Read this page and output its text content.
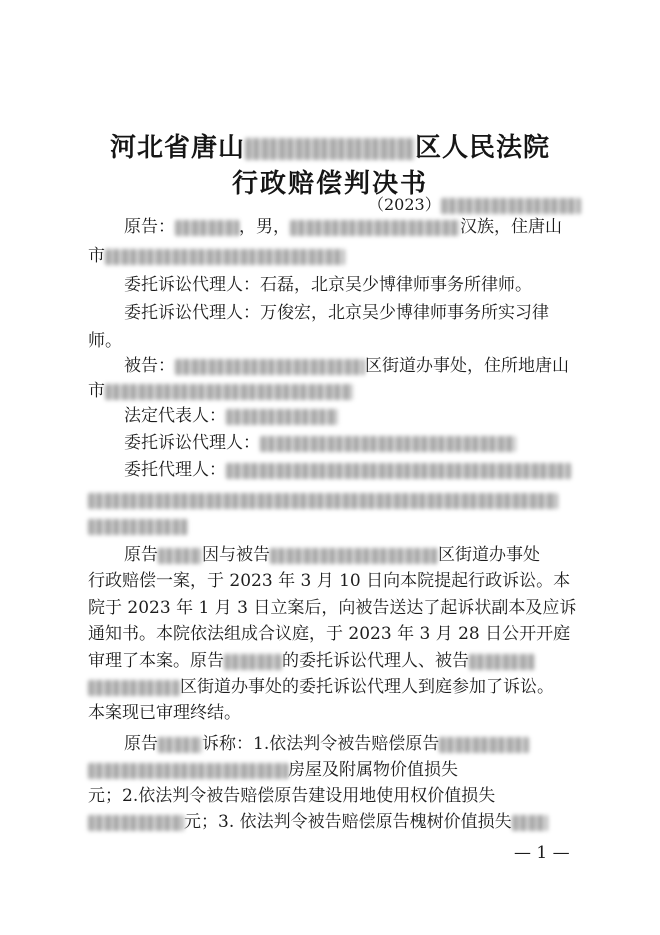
河北省唐山	区人民法院
行政赔偿判决书
（2023）
原告：	，男，	汉族，住唐山
市
委托诉讼代理人：石磊，北京吴少博律师事务所律师。
委托诉讼代理人：万俊宏，北京吴少博律师事务所实习律
师。
被告：	区街道办事处，住所地唐山
市
法定代表人：
委托诉讼代理人：
委托代理人：
原告	因与被告	区街道办事处
行政赔偿一案，于 2023 年 3 月 10 日向本院提起行政诉讼。本
院于 2023 年 1 月 3 日立案后，向被告送达了起诉状副本及应诉
通知书。本院依法组成合议庭，于 2023 年 3 月 28 日公开开庭
审理了本案。原告	的委托诉讼代理人、被告
区街道办事处的委托诉讼代理人到庭参加了诉讼。
本案现已审理终结。
原告	诉称：1.依法判令被告赔偿原告
房屋及附属物价值损失
元；2.依法判令被告赔偿原告建设用地使用权价值损失
元；3. 依法判令被告赔偿原告槐树价值损失
— 1 —
